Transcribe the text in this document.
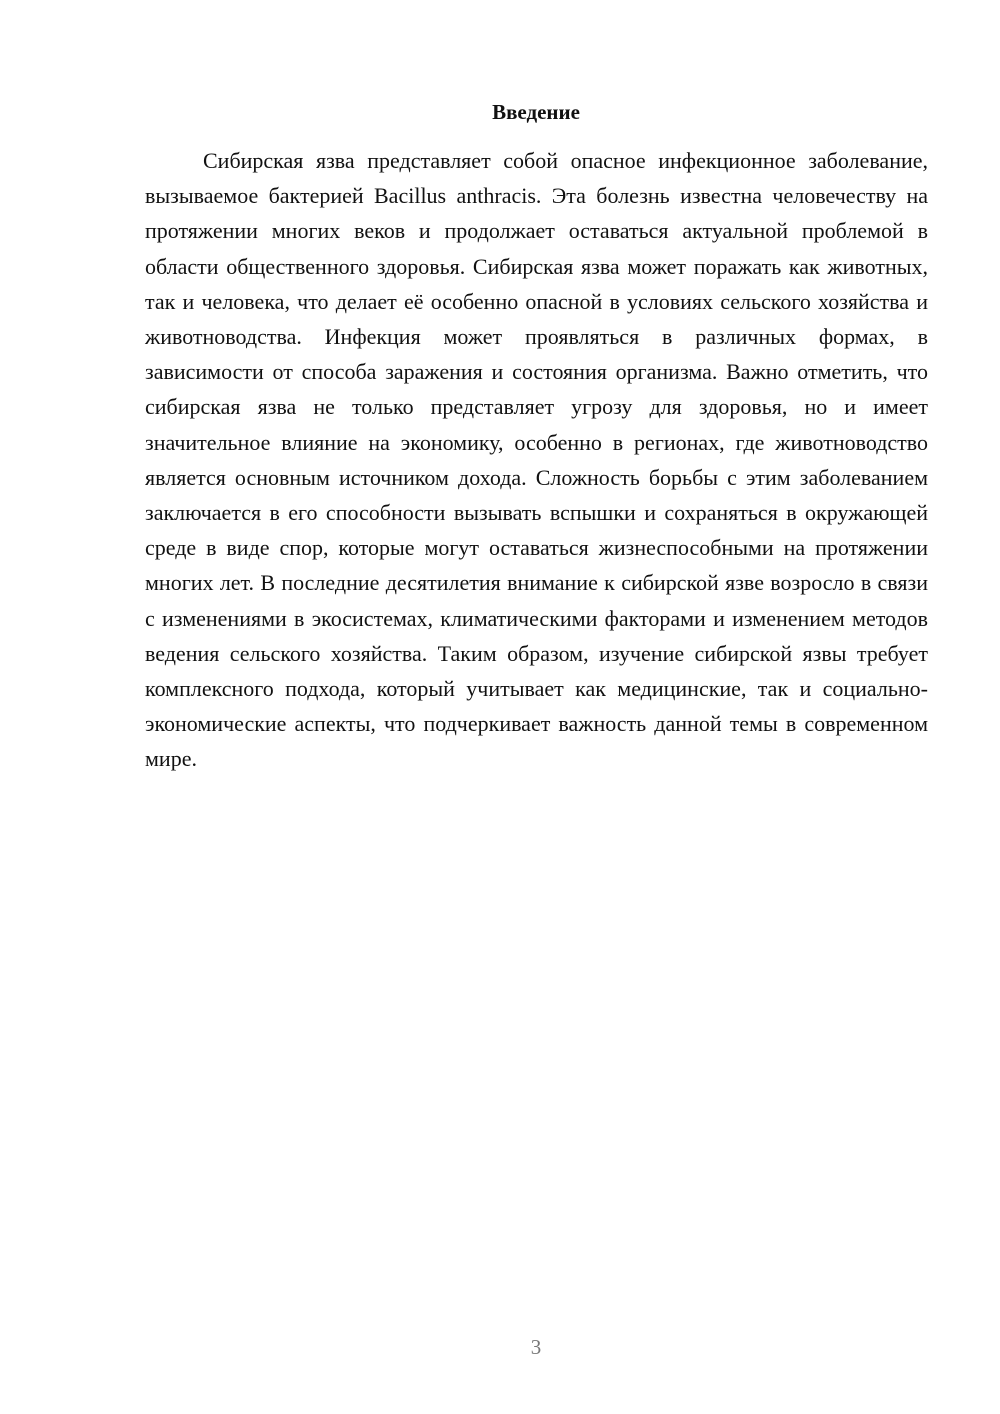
Введение

Сибирская язва представляет собой опасное инфекционное заболевание, вызываемое бактерией Bacillus anthracis. Эта болезнь известна человечеству на протяжении многих веков и продолжает оставаться актуальной проблемой в области общественного здоровья. Сибирская язва может поражать как животных, так и человека, что делает её особенно опасной в условиях сельского хозяйства и животноводства. Инфекция может проявляться в различных формах, в зависимости от способа заражения и состояния организма. Важно отметить, что сибирская язва не только представляет угрозу для здоровья, но и имеет значительное влияние на экономику, особенно в регионах, где животноводство является основным источником дохода. Сложность борьбы с этим заболеванием заключается в его способности вызывать вспышки и сохраняться в окружающей среде в виде спор, которые могут оставаться жизнеспособными на протяжении многих лет. В последние десятилетия внимание к сибирской язве возросло в связи с изменениями в экосистемах, климатическими факторами и изменением методов ведения сельского хозяйства. Таким образом, изучение сибирской язвы требует комплексного подхода, который учитывает как медицинские, так и социально-экономические аспекты, что подчеркивает важность данной темы в современном мире.

3
